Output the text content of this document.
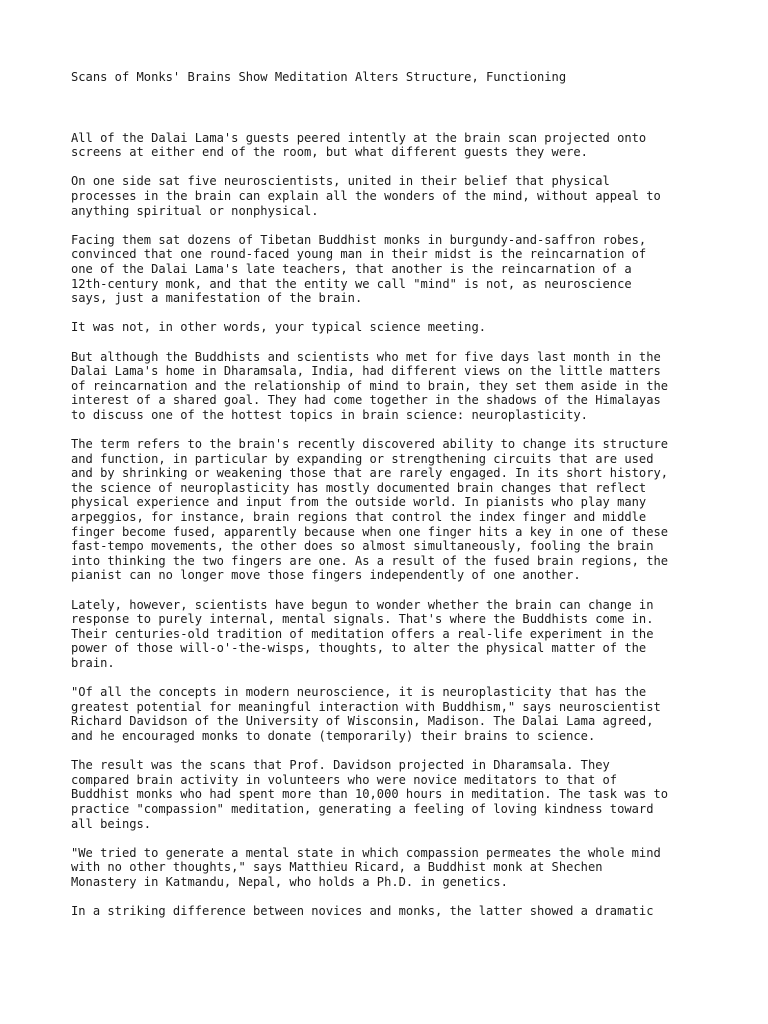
Scans of Monks' Brains Show Meditation Alters Structure, Functioning
All of the Dalai Lama's guests peered intently at the brain scan projected onto
screens at either end of the room, but what different guests they were.
On one side sat five neuroscientists, united in their belief that physical
processes in the brain can explain all the wonders of the mind, without appeal to
anything spiritual or nonphysical.
Facing them sat dozens of Tibetan Buddhist monks in burgundy-and-saffron robes,
convinced that one round-faced young man in their midst is the reincarnation of
one of the Dalai Lama's late teachers, that another is the reincarnation of a
12th-century monk, and that the entity we call "mind" is not, as neuroscience
says, just a manifestation of the brain.
It was not, in other words, your typical science meeting.
But although the Buddhists and scientists who met for five days last month in the
Dalai Lama's home in Dharamsala, India, had different views on the little matters
of reincarnation and the relationship of mind to brain, they set them aside in the
interest of a shared goal. They had come together in the shadows of the Himalayas
to discuss one of the hottest topics in brain science: neuroplasticity.
The term refers to the brain's recently discovered ability to change its structure
and function, in particular by expanding or strengthening circuits that are used
and by shrinking or weakening those that are rarely engaged. In its short history,
the science of neuroplasticity has mostly documented brain changes that reflect
physical experience and input from the outside world. In pianists who play many
arpeggios, for instance, brain regions that control the index finger and middle
finger become fused, apparently because when one finger hits a key in one of these
fast-tempo movements, the other does so almost simultaneously, fooling the brain
into thinking the two fingers are one. As a result of the fused brain regions, the
pianist can no longer move those fingers independently of one another.
Lately, however, scientists have begun to wonder whether the brain can change in
response to purely internal, mental signals. That's where the Buddhists come in.
Their centuries-old tradition of meditation offers a real-life experiment in the
power of those will-o'-the-wisps, thoughts, to alter the physical matter of the
brain.
"Of all the concepts in modern neuroscience, it is neuroplasticity that has the
greatest potential for meaningful interaction with Buddhism," says neuroscientist
Richard Davidson of the University of Wisconsin, Madison. The Dalai Lama agreed,
and he encouraged monks to donate (temporarily) their brains to science.
The result was the scans that Prof. Davidson projected in Dharamsala. They
compared brain activity in volunteers who were novice meditators to that of
Buddhist monks who had spent more than 10,000 hours in meditation. The task was to
practice "compassion" meditation, generating a feeling of loving kindness toward
all beings.
"We tried to generate a mental state in which compassion permeates the whole mind
with no other thoughts," says Matthieu Ricard, a Buddhist monk at Shechen
Monastery in Katmandu, Nepal, who holds a Ph.D. in genetics.
In a striking difference between novices and monks, the latter showed a dramatic
